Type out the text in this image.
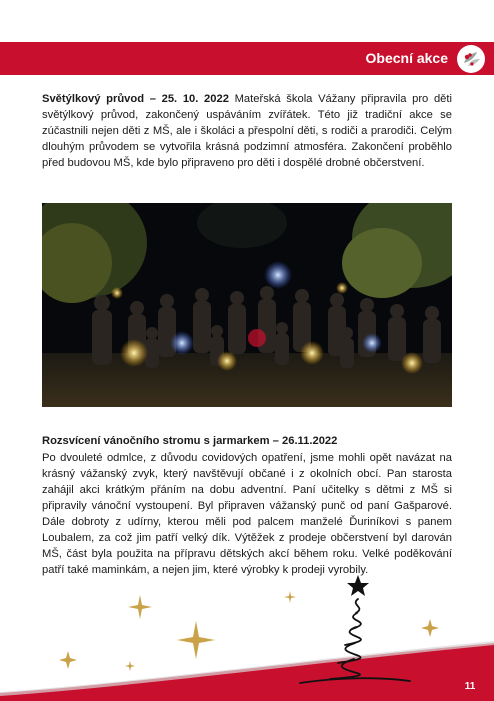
Obecní akce
Světýlkový průvod – 25. 10. 2022 Mateřská škola Vážany připravila pro děti světýlkový průvod, zakončený uspáváním zvířátek. Této již tradiční akce se zúčastnili nejen děti z MŠ, ale i školáci a přespolní děti, s rodiči a prarodiči. Celým dlouhým průvodem se vytvořila krásná podzimní atmosféra. Zakončení proběhlo před budovou MŠ, kde bylo připraveno pro děti i dospělé drobné občerstvení.
Rozsvícení vánočního stromu s jarmarkem – 26.11.2022
Po dvouleté odmlce, z důvodu covidových opatření, jsme mohli opět navázat na krásný vážanský zvyk, který navštěvují občané i z okolních obcí. Pan starosta zahájil akci krátkým přáním na dobu adventní. Paní učitelky s dětmi z MŠ si připravily vánoční vystoupení. Byl připraven vážanský punč od paní Gašparové. Dále dobroty z udírny, kterou měli pod palcem manželé Ďuriníkovi s panem Loubalem, za což jim patří velký dík. Výtěžek z prodeje občerstvení byl darován MŠ, část byla použita na přípravu dětských akcí během roku. Velké poděkování patří také maminkám, a nejen jim, které výrobky k prodeji vyrobily.
11
